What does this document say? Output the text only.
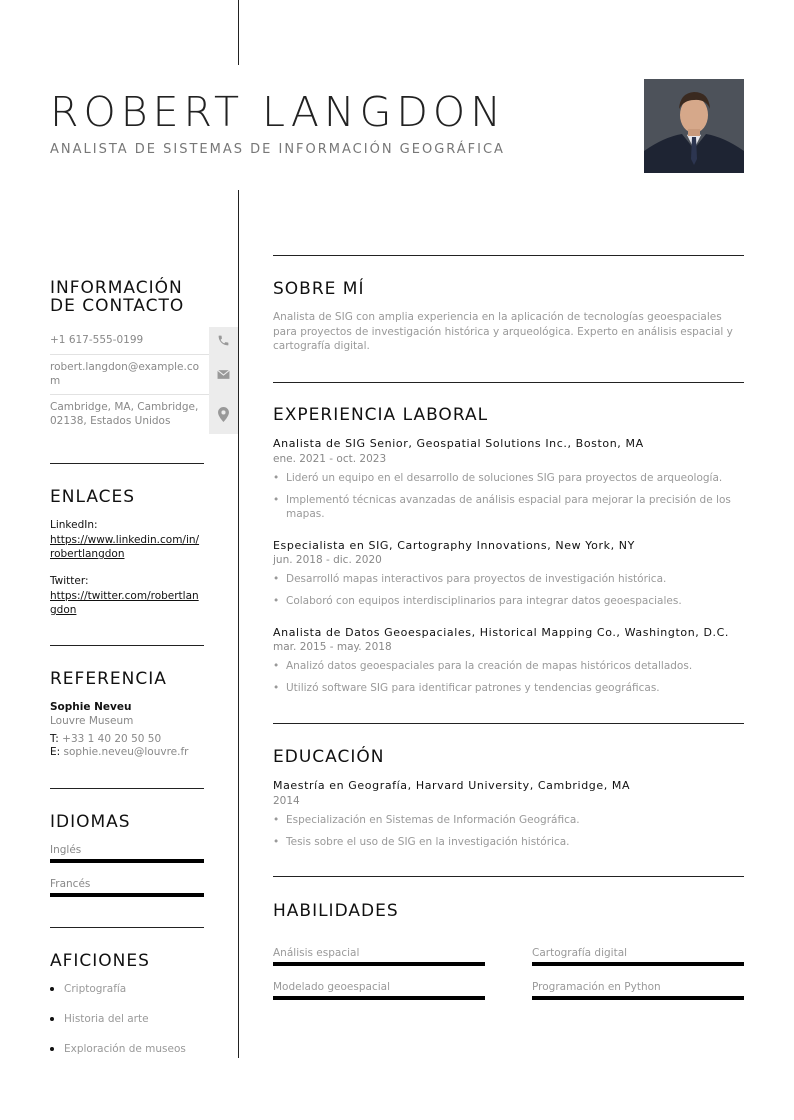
ROBERT LANGDON
ANALISTA DE SISTEMAS DE INFORMACIÓN GEOGRÁFICA
INFORMACIÓN
DE CONTACTO
+1 617-555-0199
robert.langdon@example.com
Cambridge, MA, Cambridge, 02138, Estados Unidos
ENLACES
LinkedIn:
https://www.linkedin.com/in/robertlangdon
Twitter:
https://twitter.com/robertlangdon
REFERENCIA
Sophie Neveu
Louvre Museum
T: +33 1 40 20 50 50
E: sophie.neveu@louvre.fr
IDIOMAS
Inglés
Francés
AFICIONES
Criptografía
Historia del arte
Exploración de museos
SOBRE MÍ
Analista de SIG con amplia experiencia en la aplicación de tecnologías geoespaciales para proyectos de investigación histórica y arqueológica. Experto en análisis espacial y cartografía digital.
EXPERIENCIA LABORAL
Analista de SIG Senior, Geospatial Solutions Inc., Boston, MA
ene. 2021 - oct. 2023
• Lideró un equipo en el desarrollo de soluciones SIG para proyectos de arqueología.
• Implementó técnicas avanzadas de análisis espacial para mejorar la precisión de los mapas.
Especialista en SIG, Cartography Innovations, New York, NY
jun. 2018 - dic. 2020
• Desarrolló mapas interactivos para proyectos de investigación histórica.
• Colaboró con equipos interdisciplinarios para integrar datos geoespaciales.
Analista de Datos Geoespaciales, Historical Mapping Co., Washington, D.C.
mar. 2015 - may. 2018
• Analizó datos geoespaciales para la creación de mapas históricos detallados.
• Utilizó software SIG para identificar patrones y tendencias geográficas.
EDUCACIÓN
Maestría en Geografía, Harvard University, Cambridge, MA
2014
• Especialización en Sistemas de Información Geográfica.
• Tesis sobre el uso de SIG en la investigación histórica.
HABILIDADES
Análisis espacial	Cartografía digital
Modelado geoespacial	Programación en Python
